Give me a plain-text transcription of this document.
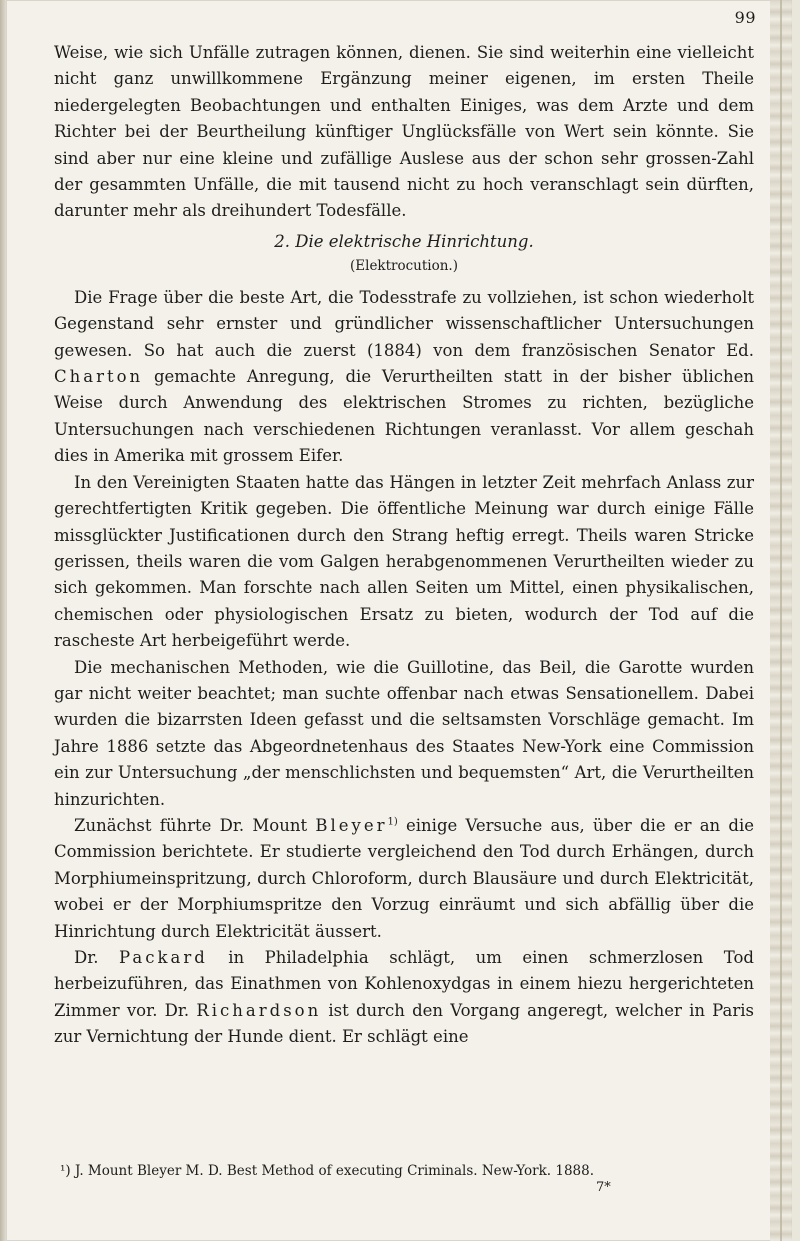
99

Weise, wie sich Unfälle zutragen können, dienen. Sie sind weiterhin eine vielleicht nicht ganz unwillkommene Ergänzung meiner eigenen, im ersten Theile niedergelegten Beobachtungen und enthalten Einiges, was dem Arzte und dem Richter bei der Beurtheilung künftiger Unglücksfälle von Wert sein könnte. Sie sind aber nur eine kleine und zufällige Auslese aus der schon sehr grossen-Zahl der gesammten Unfälle, die mit tausend nicht zu hoch veranschlagt sein dürften, darunter mehr als dreihundert Todesfälle.

2. Die elektrische Hinrichtung.
(Elektrocution.)

Die Frage über die beste Art, die Todesstrafe zu vollziehen, ist schon wiederholt Gegenstand sehr ernster und gründlicher wissenschaftlicher Untersuchungen gewesen. So hat auch die zuerst (1884) von dem französischen Senator Ed. Charton gemachte Anregung, die Verurtheilten statt in der bisher üblichen Weise durch Anwendung des elektrischen Stromes zu richten, bezügliche Untersuchungen nach verschiedenen Richtungen veranlasst. Vor allem geschah dies in Amerika mit grossem Eifer.

In den Vereinigten Staaten hatte das Hängen in letzter Zeit mehrfach Anlass zur gerechtfertigten Kritik gegeben. Die öffentliche Meinung war durch einige Fälle missglückter Justificationen durch den Strang heftig erregt. Theils waren Stricke gerissen, theils waren die vom Galgen herabgenommenen Verurtheilten wieder zu sich gekommen. Man forschte nach allen Seiten um Mittel, einen physikalischen, chemischen oder physiologischen Ersatz zu bieten, wodurch der Tod auf die rascheste Art herbeigeführt werde.

Die mechanischen Methoden, wie die Guillotine, das Beil, die Garotte wurden gar nicht weiter beachtet; man suchte offenbar nach etwas Sensationellem. Dabei wurden die bizarrsten Ideen gefasst und die seltsamsten Vorschläge gemacht. Im Jahre 1886 setzte das Abgeordnetenhaus des Staates New-York eine Commission ein zur Untersuchung „der menschlichsten und bequemsten“ Art, die Verurtheilten hinzurichten.

Zunächst führte Dr. Mount Bleyer$^{1)}$ einige Versuche aus, über die er an die Commission berichtete. Er studierte vergleichend den Tod durch Erhängen, durch Morphiumeinspritzung, durch Chloroform, durch Blausäure und durch Elektricität, wobei er der Morphiumspritze den Vorzug einräumt und sich abfällig über die Hinrichtung durch Elektricität äussert.

Dr. Packard in Philadelphia schlägt, um einen schmerzlosen Tod herbeizuführen, das Einathmen von Kohlenoxydgas in einem hiezu hergerichteten Zimmer vor. Dr. Richardson ist durch den Vorgang angeregt, welcher in Paris zur Vernichtung der Hunde dient. Er schlägt eine

¹) J. Mount Bleyer M. D. Best Method of executing Criminals. New-York. 1888.
7*
